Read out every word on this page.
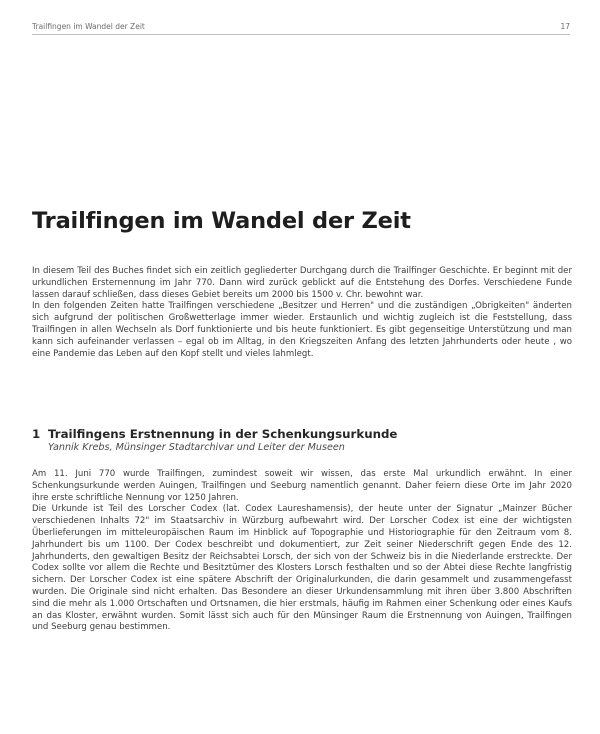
Trailfingen im Wandel der Zeit	17
Trailfingen im Wandel der Zeit

In diesem Teil des Buches findet sich ein zeitlich gegliederter Durchgang durch die Trailfinger Geschichte. Er beginnt mit der urkundlichen Ersternennung im Jahr 770. Dann wird zurück geblickt auf die Entstehung des Dorfes. Verschiedene Funde lassen darauf schließen, dass dieses Gebiet bereits um 2000 bis 1500 v. Chr. bewohnt war.

In den folgenden Zeiten hatte Trailfingen verschiedene „Besitzer und Herren" und die zuständigen „Obrigkeiten" änderten sich aufgrund der politischen Großwetterlage immer wieder. Erstaunlich und wichtig zugleich ist die Feststellung, dass Trailfingen in allen Wechseln als Dorf funktionierte und bis heute funktioniert. Es gibt gegenseitige Unterstützung und man kann sich aufeinander verlassen – egal ob im Alltag, in den Kriegszeiten Anfang des letzten Jahrhunderts oder heute , wo eine Pandemie das Leben auf den Kopf stellt und vieles lahmlegt.

1 Trailfingens Erstnennung in der Schenkungsurkunde
Yannik Krebs, Münsinger Stadtarchivar und Leiter der Museen

Am 11. Juni 770 wurde Trailfingen, zumindest soweit wir wissen, das erste Mal urkundlich erwähnt. In einer Schenkungsurkunde werden Auingen, Trailfingen und Seeburg namentlich genannt. Daher feiern diese Orte im Jahr 2020 ihre erste schriftliche Nennung vor 1250 Jahren.

Die Urkunde ist Teil des Lorscher Codex (lat. Codex Laureshamensis), der heute unter der Signatur „Mainzer Bücher verschiedenen Inhalts 72" im Staatsarchiv in Würzburg aufbewahrt wird. Der Lorscher Codex ist eine der wichtigsten Überlieferungen im mitteleuropäischen Raum im Hinblick auf Topographie und Historiographie für den Zeitraum vom 8. Jahrhundert bis um 1100. Der Codex beschreibt und dokumentiert, zur Zeit seiner Niederschrift gegen Ende des 12. Jahrhunderts, den gewaltigen Besitz der Reichsabtei Lorsch, der sich von der Schweiz bis in die Niederlande erstreckte. Der Codex sollte vor allem die Rechte und Besitztümer des Klosters Lorsch festhalten und so der Abtei diese Rechte langfristig sichern. Der Lorscher Codex ist eine spätere Abschrift der Originalurkunden, die darin gesammelt und zusammengefasst wurden. Die Originale sind nicht erhalten. Das Besondere an dieser Urkundensammlung mit ihren über 3.800 Abschriften sind die mehr als 1.000 Ortschaften und Ortsnamen, die hier erstmals, häufig im Rahmen einer Schenkung oder eines Kaufs an das Kloster, erwähnt wurden. Somit lässt sich auch für den Münsinger Raum die Erstnennung von Auingen, Trailfingen und Seeburg genau bestimmen.
